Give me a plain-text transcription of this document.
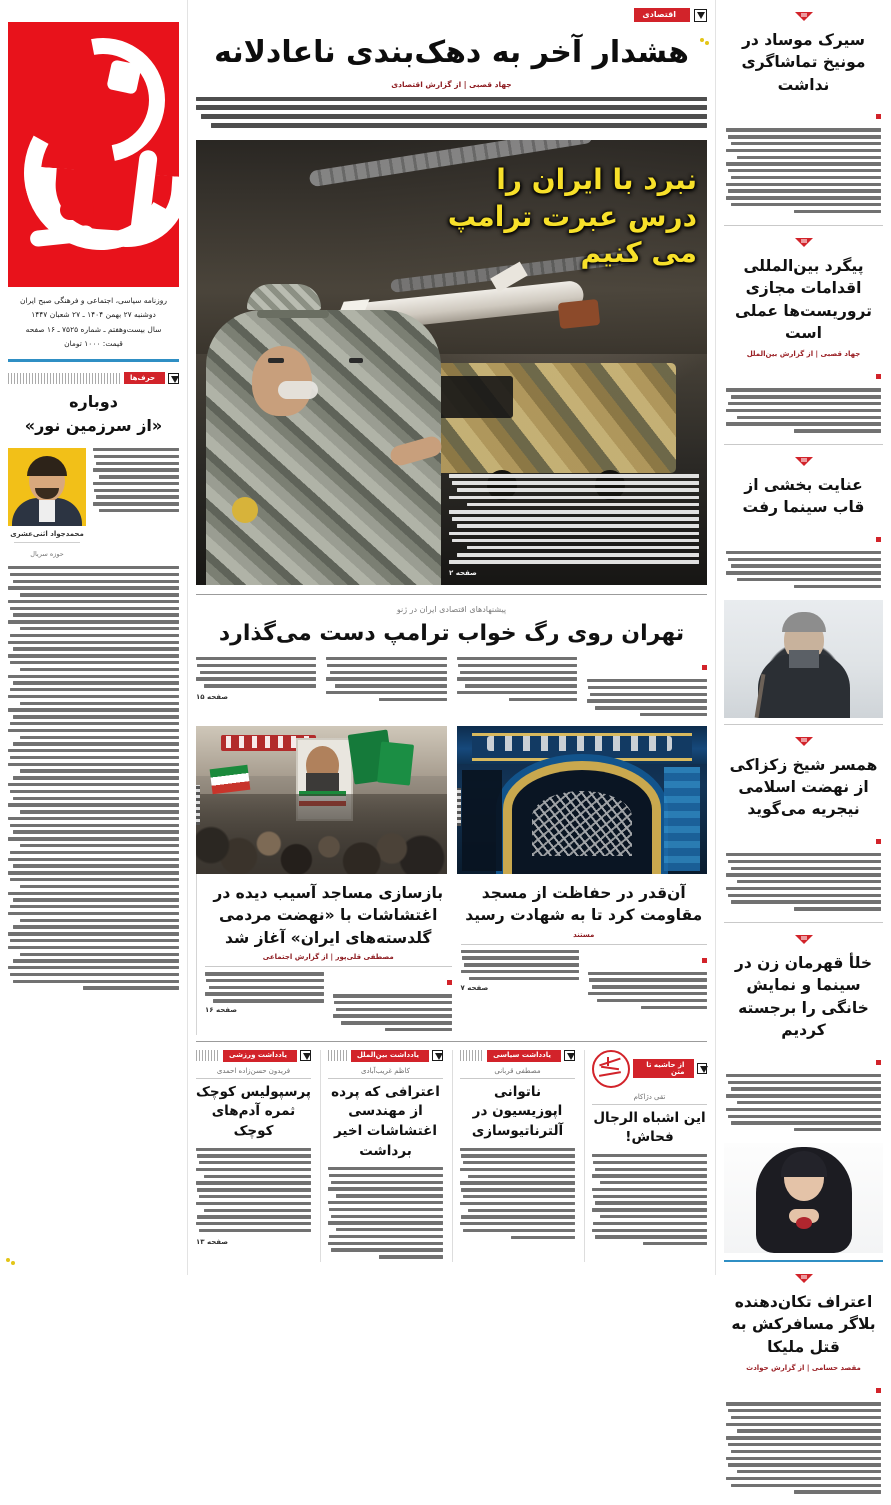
سیرک موساد در مونیخ تماشاگری نداشت
پیگرد بین‌المللی اقدامات مجازی تروریست‌ها عملی است
جهاد قصبی | از گزارش بین‌الملل
عنایت بخشی از قاب سینما رفت
همسر شیخ زکزاکی از نهضت اسلامی نیجریه می‌گوید
خلأ قهرمان زن در سینما و نمایش خانگی را برجسته کردیم
اعتراف تکان‌دهنده بلاگر مسافرکش به قتل ملیکا
مقصد حسامی | از گزارش حوادث
اقتصادی
هشدار آخر به دهک‌بندی ناعادلانه
جهاد قصبی | از گزارش اقتصادی
نبرد با ایران را
درس عبرت ترامپ
می کنیم
صفحه ۲
پیشنهادهای اقتصادی ایران در ژنو
تهران روی رگ خواب ترامپ دست می‌گذارد
صفحه ۱۵
آن‌قدر در حفاظت از مسجد مقاومت کرد تا به شهادت رسید
مستند
صفحه ۷
بازسازی مساجد آسیب دیده در اغتشاشات با «نهضت مردمی گلدسته‌های ایران» آغاز شد
مصطفی قلی‌پور | از گزارش اجتماعی
صفحه ۱۶
از حاشیه تا متن
تقی دژاکام
این اشباه الرجال فحاش!
یادداشت سیاسی
مصطفی قربانی
ناتوانی اپوزیسیون در آلترناتیوسازی
یادداشت بین‌الملل
کاظم غریب‌آبادی
اعترافی که پرده از مهندسی اغتشاشات اخیر برداشت
یادداشت ورزشی
فریدون حسن‌زاده احمدی
پرسپولیس کوچک ثمره آدم‌های کوچک
صفحه ۱۳
روزنامه سیاسی، اجتماعی و فرهنگی صبح ایران
دوشنبه ۲۷ بهمن ۱۴۰۴ ـ ۲۷ شعبان ۱۴۴۷
سال بیست‌وهفتم ـ شماره ۷۵۲۵ ـ ۱۶ صفحه
قیمت: ۱۰۰۰ تومان
حرف‌ها
دوباره
«از سرزمین نور»
محمدجواد اثنی‌عشری
حوزه سریال
